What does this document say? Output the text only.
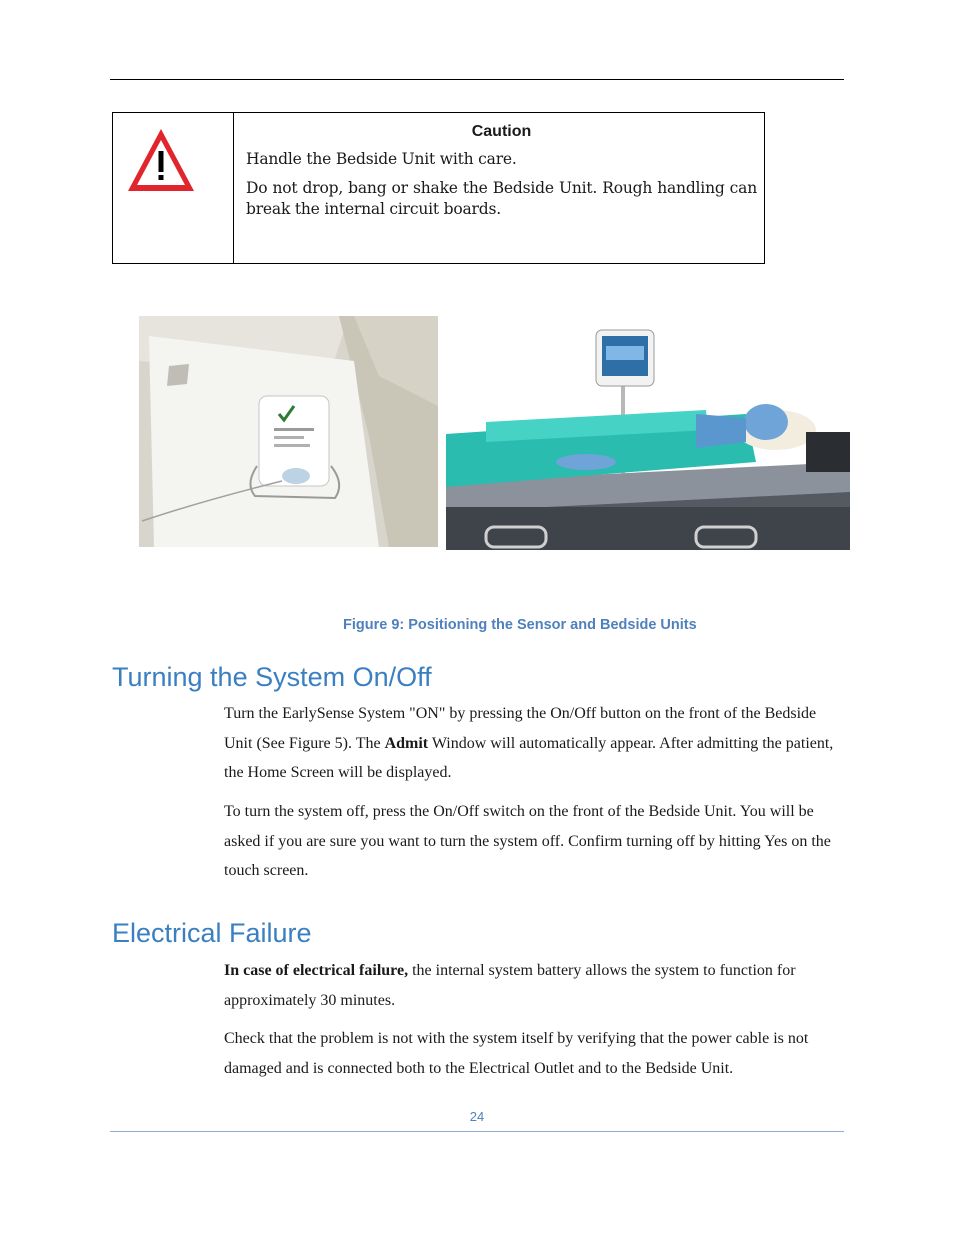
Caution

Handle the Bedside Unit with care.

Do not drop, bang or shake the Bedside Unit. Rough handling can break the internal circuit boards.

Figure 9: Positioning the Sensor and Bedside Units
Turning the System On/Off

Turn the EarlySense System "ON" by pressing the On/Off button on the front of the Bedside Unit (See Figure 5). The Admit Window will automatically appear. After admitting the patient, the Home Screen will be displayed.

To turn the system off, press the On/Off switch on the front of the Bedside Unit. You will be asked if you are sure you want to turn the system off. Confirm turning off by hitting Yes on the touch screen.

Electrical Failure

In case of electrical failure, the internal system battery allows the system to function for approximately 30 minutes.

Check that the problem is not with the system itself by verifying that the power cable is not damaged and is connected both to the Electrical Outlet and to the Bedside Unit.

24
